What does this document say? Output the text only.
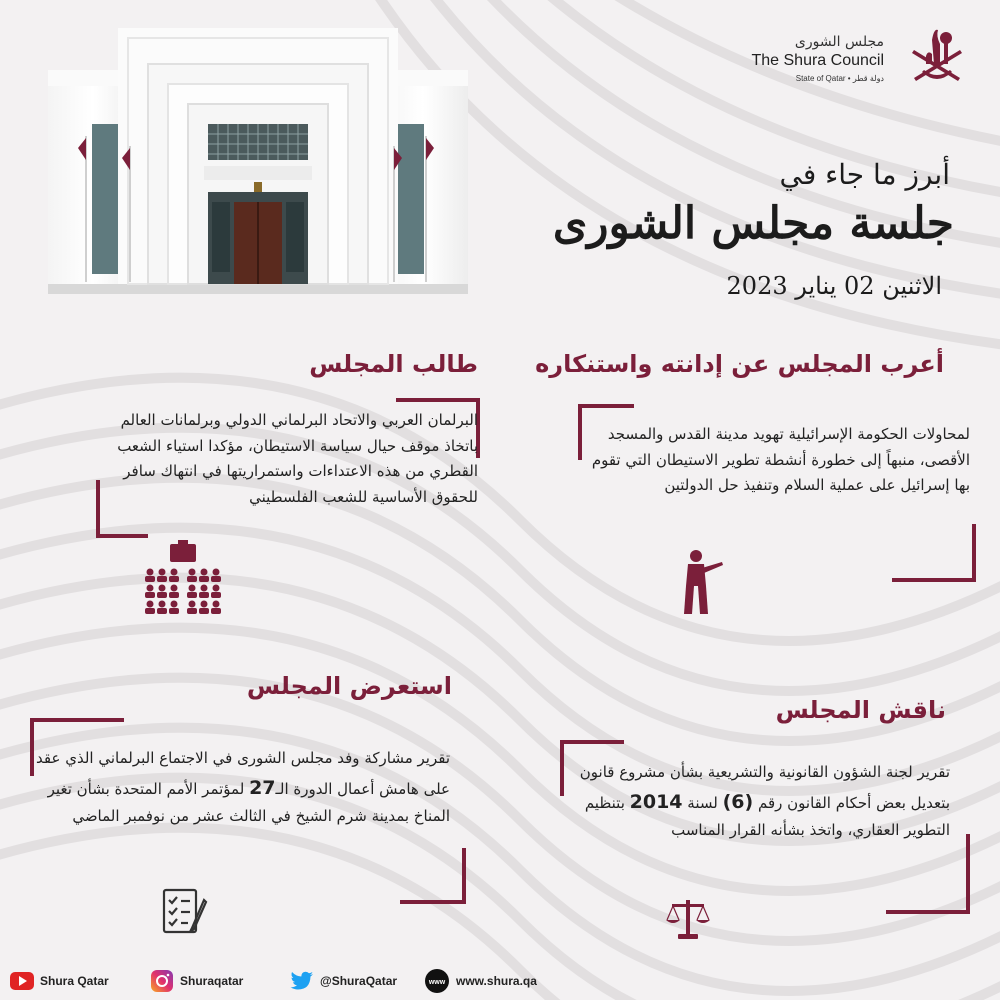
مجلس الشورى
The Shura Council
State of Qatar • دولة قطر
أبرز ما جاء في
جلسة مجلس الشورى
الاثنين 02 يناير 2023
أعرب المجلس عن إدانته واستنكاره
لمحاولات الحكومة الإسرائيلية تهويد مدينة القدس والمسجد الأقصى، منبهاً إلى خطورة أنشطة تطوير الاستيطان التي تقوم بها إسرائيل على عملية السلام وتنفيذ حل الدولتين
طالب المجلس
البرلمان العربي والاتحاد البرلماني الدولي وبرلمانات العالم باتخاذ موقف حيال سياسة الاستيطان، مؤكدا استياء الشعب القطري من هذه الاعتداءات واستمراريتها في انتهاك سافر للحقوق الأساسية للشعب الفلسطيني
ناقش المجلس
تقرير لجنة الشؤون القانونية والتشريعية بشأن مشروع قانون بتعديل بعض أحكام القانون رقم (6) لسنة 2014 بتنظيم التطوير العقاري، واتخذ بشأنه القرار المناسب
استعرض المجلس
تقرير مشاركة وفد مجلس الشورى في الاجتماع البرلماني الذي عقد على هامش أعمال الدورة الـ27 لمؤتمر الأمم المتحدة بشأن تغير المناخ بمدينة شرم الشيخ في الثالث عشر من نوفمبر الماضي
Shura Qatar	Shuraqatar	@ShuraQatar	www www.shura.qa
